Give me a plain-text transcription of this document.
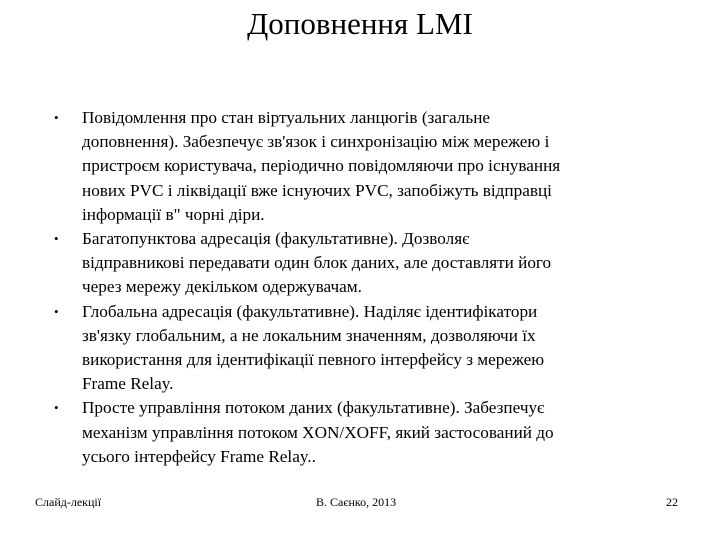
Доповнення LMI
•	Повідомлення про стан віртуальних ланцюгів (загальне
доповнення). Забезпечує зв'язок і синхронізацію між мережею і
пристроєм користувача, періодично повідомляючи про існування
нових PVC і ліквідації вже існуючих PVC, запобіжуть відправці
інформації в" чорні діри.
•	Багатопунктова адресація (факультативне). Дозволяє
відправникові передавати один блок даних, але доставляти його
через мережу декільком одержувачам.
•	Глобальна адресація (факультативне). Наділяє ідентифікатори
зв'язку глобальним, а не локальним значенням, дозволяючи їх
використання для ідентифікації певного інтерфейсу з мережею
Frame Relay.
•	Просте управління потоком даних (факультативне). Забезпечує
механізм управління потоком XON/XOFF, який застосований до
усього інтерфейсу Frame Relay..
Слайд-лекції	В. Саєнко, 2013	22
